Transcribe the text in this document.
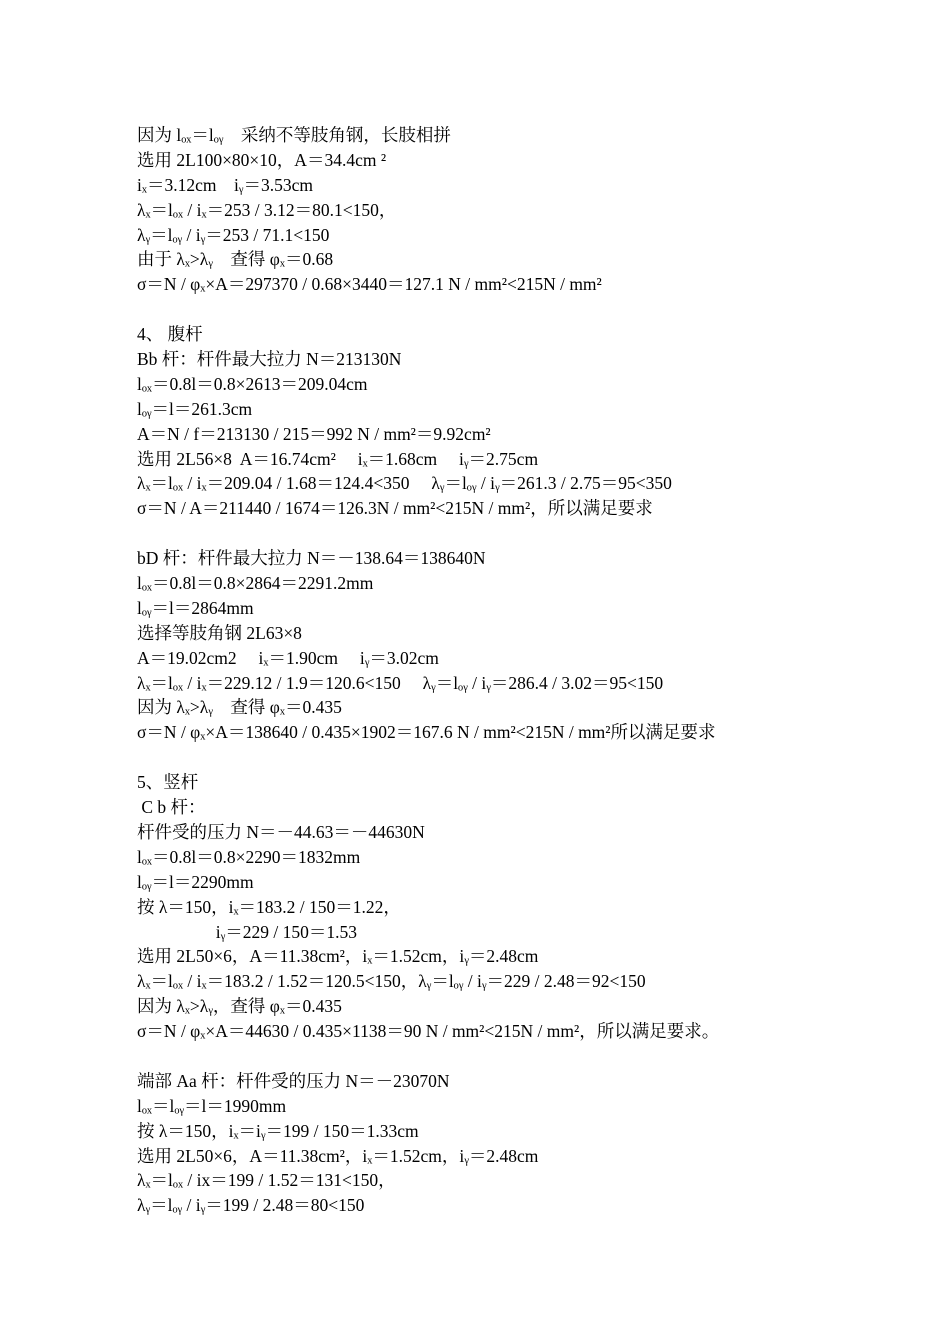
因为 lₒₓ＝lₒᵧ    采纳不等肢角钢，长肢相拼
选用 2L100×80×10，A＝34.4cm ²
iₓ＝3.12cm    iᵧ＝3.53cm
λₓ＝lₒₓ / iₓ＝253 / 3.12＝80.1<150，
λᵧ＝lₒᵧ / iᵧ＝253 / 71.1<150
由于 λₓ>λᵧ    查得 φₓ＝0.68
σ＝N / φₓ×A＝297370 / 0.68×3440＝127.1 N / mm²<215N / mm²
4、 腹杆
Bb 杆：杆件最大拉力 N＝213130N
lₒₓ＝0.8l＝0.8×2613＝209.04cm
lₒᵧ＝l＝261.3cm
A＝N / f＝213130 / 215＝992 N / mm²＝9.92cm²
选用 2L56×8  A＝16.74cm²     iₓ＝1.68cm     iᵧ＝2.75cm
λₓ＝lₒₓ / iₓ＝209.04 / 1.68＝124.4<350     λᵧ＝lₒᵧ / iᵧ＝261.3 / 2.75＝95<350
σ＝N / A＝211440 / 1674＝126.3N / mm²<215N / mm²，所以满足要求
bD 杆：杆件最大拉力 N＝－138.64＝138640N
lₒₓ＝0.8l＝0.8×2864＝2291.2mm
lₒᵧ＝l＝2864mm
选择等肢角钢 2L63×8
A＝19.02cm2     iₓ＝1.90cm     iᵧ＝3.02cm
λₓ＝lₒₓ / iₓ＝229.12 / 1.9＝120.6<150     λᵧ＝lₒᵧ / iᵧ＝286.4 / 3.02＝95<150
因为 λₓ>λᵧ    查得 φₓ＝0.435
σ＝N / φₓ×A＝138640 / 0.435×1902＝167.6 N / mm²<215N / mm²所以满足要求
5、竖杆
C b 杆：
杆件受的压力 N＝－44.63＝－44630N
lₒₓ＝0.8l＝0.8×2290＝1832mm
lₒᵧ＝l＝2290mm
按 λ＝150，iₓ＝183.2 / 150＝1.22，
iᵧ＝229 / 150＝1.53
选用 2L50×6，A＝11.38cm²，iₓ＝1.52cm，iᵧ＝2.48cm
λₓ＝lₒₓ / iₓ＝183.2 / 1.52＝120.5<150，λᵧ＝lₒᵧ / iᵧ＝229 / 2.48＝92<150
因为 λₓ>λᵧ，查得 φₓ＝0.435
σ＝N / φₓ×A＝44630 / 0.435×1138＝90 N / mm²<215N / mm²，所以满足要求。
端部 Aa 杆：杆件受的压力 N＝－23070N
lₒₓ＝lₒᵧ＝l＝1990mm
按 λ＝150，iₓ＝iᵧ＝199 / 150＝1.33cm
选用 2L50×6，A＝11.38cm²，iₓ＝1.52cm，iᵧ＝2.48cm
λₓ＝lₒₓ / ix＝199 / 1.52＝131<150，
λᵧ＝lₒᵧ / iᵧ＝199 / 2.48＝80<150
